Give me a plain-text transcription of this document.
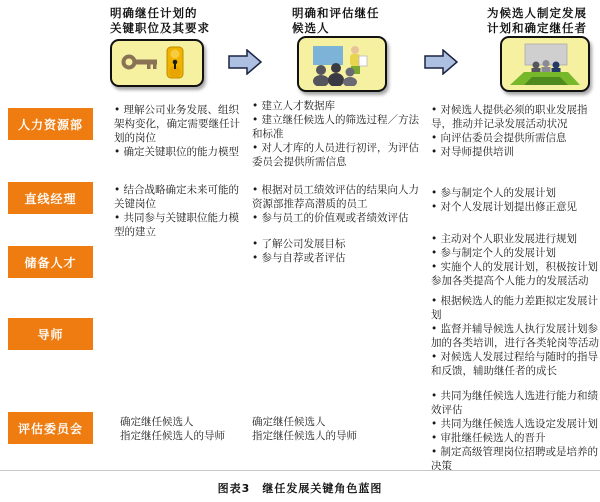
明确继任计划的
关键职位及其要求
明确和评估继任
候选人
为候选人制定发展
计划和确定继任者
人力资源部
直线经理
储备人才
导师
评估委员会
• 理解公司业务发展、组织架构变化，确定需要继任计划的岗位
• 确定关键职位的能力模型
• 建立人才数据库
• 建立继任候选人的筛选过程／方法和标准
• 对人才库的人员进行初评，为评估委员会提供所需信息
• 对候选人提供必须的职业发展指导，推动并记录发展活动状况
• 向评估委员会提供所需信息
• 对导师提供培训
• 结合战略确定未来可能的关键岗位
• 共同参与关键职位能力模型的建立
• 根据对员工绩效评估的结果向人力资源部推荐高潜质的员工
• 参与员工的价值观或者绩效评估
• 参与制定个人的发展计划
• 对个人发展计划提出修正意见
• 了解公司发展目标
• 参与自荐或者评估
• 主动对个人职业发展进行规划
• 参与制定个人的发展计划
• 实施个人的发展计划，积极按计划参加各类提高个人能力的发展活动
• 根据候选人的能力差距拟定发展计划
• 监督并辅导候选人执行发展计划参加的各类培训，进行各类轮岗等活动
• 对候选人发展过程给与随时的指导和反馈，辅助继任者的成长
确定继任候选人
指定继任候选人的导师
确定继任候选人
指定继任候选人的导师
• 共同为继任候选人选进行能力和绩效评估
• 共同为继任候选人选设定发展计划
• 审批继任候选人的晋升
• 制定高级管理岗位招聘或是培养的决策
图表3　继任发展关键角色蓝图
